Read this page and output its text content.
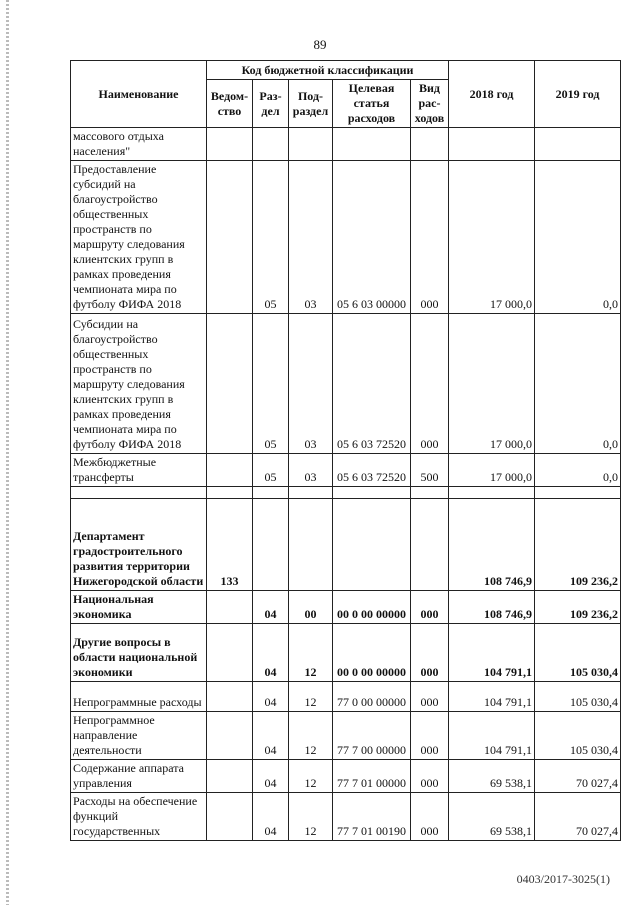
89
Наименование	Код бюджетной классификации					2018 год	2019 год
	Ведом-ство	Раз-дел	Под-раздел	Целевая статья расходов	Вид рас-ходов		
массового отдыха населения"							
Предоставление субсидий на благоустройство общественных пространств по маршруту следования клиентских групп в рамках проведения чемпионата мира по футболу ФИФА 2018		05	03	05 6 03 00000	000	17 000,0	0,0
Субсидии на благоустройство общественных пространств по маршруту следования клиентских групп в рамках проведения чемпионата мира по футболу ФИФА 2018		05	03	05 6 03 72520	000	17 000,0	0,0
Межбюджетные трансферты		05	03	05 6 03 72520	500	17 000,0	0,0

Департамент градостроительного развития территории Нижегородской области	133					108 746,9	109 236,2
Национальная экономика		04	00	00 0 00 00000	000	108 746,9	109 236,2
Другие вопросы в области национальной экономики		04	12	00 0 00 00000	000	104 791,1	105 030,4
Непрограммные расходы		04	12	77 0 00 00000	000	104 791,1	105 030,4
Непрограммное направление деятельности		04	12	77 7 00 00000	000	104 791,1	105 030,4
Содержание аппарата управления		04	12	77 7 01 00000	000	69 538,1	70 027,4
Расходы на обеспечение функций государственных		04	12	77 7 01 00190	000	69 538,1	70 027,4
0403/2017-3025(1)
